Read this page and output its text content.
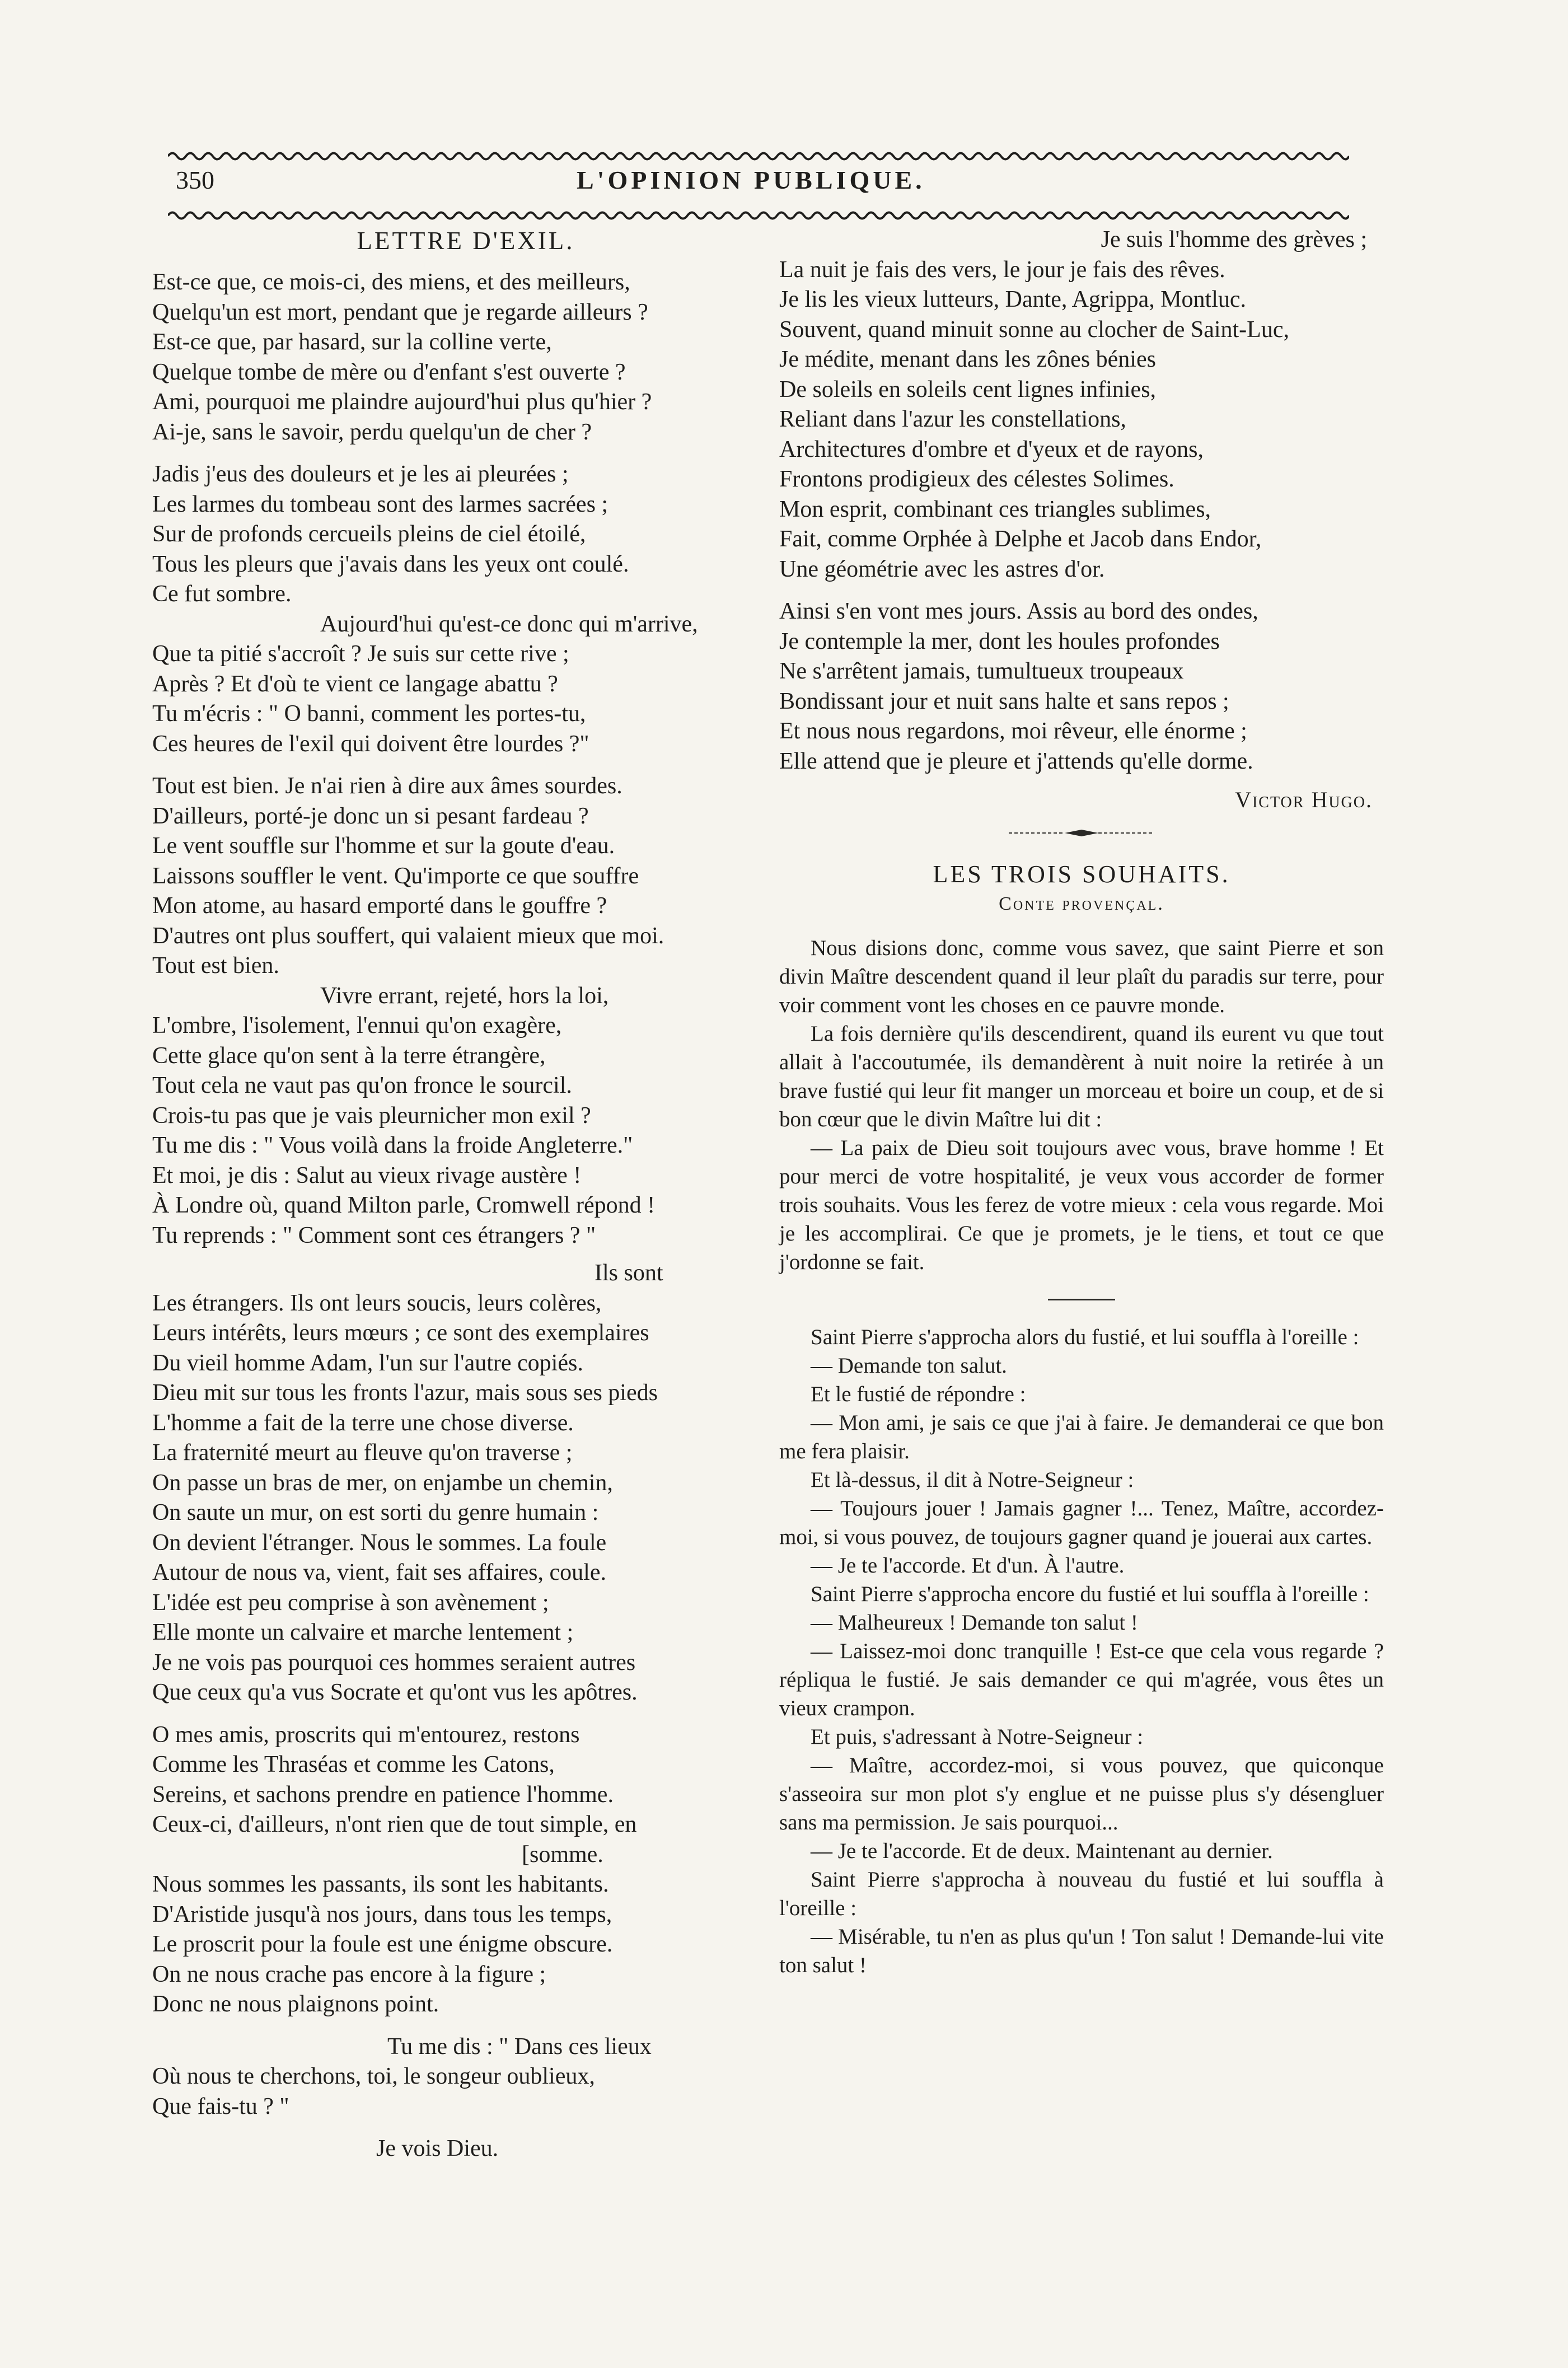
350	L'OPINION PUBLIQUE.
LETTRE D'EXIL.
Est-ce que, ce mois-ci, des miens, et des meilleurs,
Quelqu'un est mort, pendant que je regarde ailleurs ?
Est-ce que, par hasard, sur la colline verte,
Quelque tombe de mère ou d'enfant s'est ouverte ?
Ami, pourquoi me plaindre aujourd'hui plus qu'hier ?
Ai-je, sans le savoir, perdu quelqu'un de cher ?
Jadis j'eus des douleurs et je les ai pleurées ;
Les larmes du tombeau sont des larmes sacrées ;
Sur de profonds cercueils pleins de ciel étoilé,
Tous les pleurs que j'avais dans les yeux ont coulé.
Ce fut sombre.
Aujourd'hui qu'est-ce donc qui m'arrive,
Que ta pitié s'accroît ? Je suis sur cette rive ;
Après ? Et d'où te vient ce langage abattu ?
Tu m'écris : " O banni, comment les portes-tu,
Ces heures de l'exil qui doivent être lourdes ?"
Tout est bien. Je n'ai rien à dire aux âmes sourdes.
D'ailleurs, porté-je donc un si pesant fardeau ?
Le vent souffle sur l'homme et sur la goute d'eau.
Laissons souffler le vent. Qu'importe ce que souffre
Mon atome, au hasard emporté dans le gouffre ?
D'autres ont plus souffert, qui valaient mieux que moi.
Tout est bien.
Vivre errant, rejeté, hors la loi,
L'ombre, l'isolement, l'ennui qu'on exagère,
Cette glace qu'on sent à la terre étrangère,
Tout cela ne vaut pas qu'on fronce le sourcil.
Crois-tu pas que je vais pleurnicher mon exil ?
Tu me dis : " Vous voilà dans la froide Angleterre."
Et moi, je dis : Salut au vieux rivage austère !
À Londre où, quand Milton parle, Cromwell répond !
Tu reprends : " Comment sont ces étrangers ? "
Ils sont
Les étrangers. Ils ont leurs soucis, leurs colères,
Leurs intérêts, leurs mœurs ; ce sont des exemplaires
Du vieil homme Adam, l'un sur l'autre copiés.
Dieu mit sur tous les fronts l'azur, mais sous ses pieds
L'homme a fait de la terre une chose diverse.
La fraternité meurt au fleuve qu'on traverse ;
On passe un bras de mer, on enjambe un chemin,
On saute un mur, on est sorti du genre humain :
On devient l'étranger. Nous le sommes. La foule
Autour de nous va, vient, fait ses affaires, coule.
L'idée est peu comprise à son avènement ;
Elle monte un calvaire et marche lentement ;
Je ne vois pas pourquoi ces hommes seraient autres
Que ceux qu'a vus Socrate et qu'ont vus les apôtres.
O mes amis, proscrits qui m'entourez, restons
Comme les Thraséas et comme les Catons,
Sereins, et sachons prendre en patience l'homme.
Ceux-ci, d'ailleurs, n'ont rien que de tout simple, en
[somme.
Nous sommes les passants, ils sont les habitants.
D'Aristide jusqu'à nos jours, dans tous les temps,
Le proscrit pour la foule est une énigme obscure.
On ne nous crache pas encore à la figure ;
Donc ne nous plaignons point.
Tu me dis : " Dans ces lieux
Où nous te cherchons, toi, le songeur oublieux,
Que fais-tu ? "
Je vois Dieu.
Je suis l'homme des grèves ;
La nuit je fais des vers, le jour je fais des rêves.
Je lis les vieux lutteurs, Dante, Agrippa, Montluc.
Souvent, quand minuit sonne au clocher de Saint-Luc,
Je médite, menant dans les zônes bénies
De soleils en soleils cent lignes infinies,
Reliant dans l'azur les constellations,
Architectures d'ombre et d'yeux et de rayons,
Frontons prodigieux des célestes Solimes.
Mon esprit, combinant ces triangles sublimes,
Fait, comme Orphée à Delphe et Jacob dans Endor,
Une géométrie avec les astres d'or.
Ainsi s'en vont mes jours. Assis au bord des ondes,
Je contemple la mer, dont les houles profondes
Ne s'arrêtent jamais, tumultueux troupeaux
Bondissant jour et nuit sans halte et sans repos ;
Et nous nous regardons, moi rêveur, elle énorme ;
Elle attend que je pleure et j'attends qu'elle dorme.
Victor Hugo.
LES TROIS SOUHAITS.
Conte provençal.

Nous disions donc, comme vous savez, que saint Pierre et son divin Maître descendent quand il leur plaît du paradis sur terre, pour voir comment vont les choses en ce pauvre monde.

La fois dernière qu'ils descendirent, quand ils eurent vu que tout allait à l'accoutumée, ils demandèrent à nuit noire la retirée à un brave fustié qui leur fit manger un morceau et boire un coup, et de si bon cœur que le divin Maître lui dit :

— La paix de Dieu soit toujours avec vous, brave homme ! Et pour merci de votre hospitalité, je veux vous accorder de former trois souhaits. Vous les ferez de votre mieux : cela vous regarde. Moi je les accomplirai. Ce que je promets, je le tiens, et tout ce que j'ordonne se fait.

Saint Pierre s'approcha alors du fustié, et lui souffla à l'oreille :

— Demande ton salut.

Et le fustié de répondre :

— Mon ami, je sais ce que j'ai à faire. Je demanderai ce que bon me fera plaisir.

Et là-dessus, il dit à Notre-Seigneur :

— Toujours jouer ! Jamais gagner !... Tenez, Maître, accordez-moi, si vous pouvez, de toujours gagner quand je jouerai aux cartes.

— Je te l'accorde. Et d'un. À l'autre.

Saint Pierre s'approcha encore du fustié et lui souffla à l'oreille :

— Malheureux ! Demande ton salut !

— Laissez-moi donc tranquille ! Est-ce que cela vous regarde ? répliqua le fustié. Je sais demander ce qui m'agrée, vous êtes un vieux crampon.

Et puis, s'adressant à Notre-Seigneur :

— Maître, accordez-moi, si vous pouvez, que quiconque s'asseoira sur mon plot s'y englue et ne puisse plus s'y désengluer sans ma permission. Je sais pourquoi...

— Je te l'accorde. Et de deux. Maintenant au dernier.

Saint Pierre s'approcha à nouveau du fustié et lui souffla à l'oreille :

— Misérable, tu n'en as plus qu'un ! Ton salut ! Demande-lui vite ton salut !
